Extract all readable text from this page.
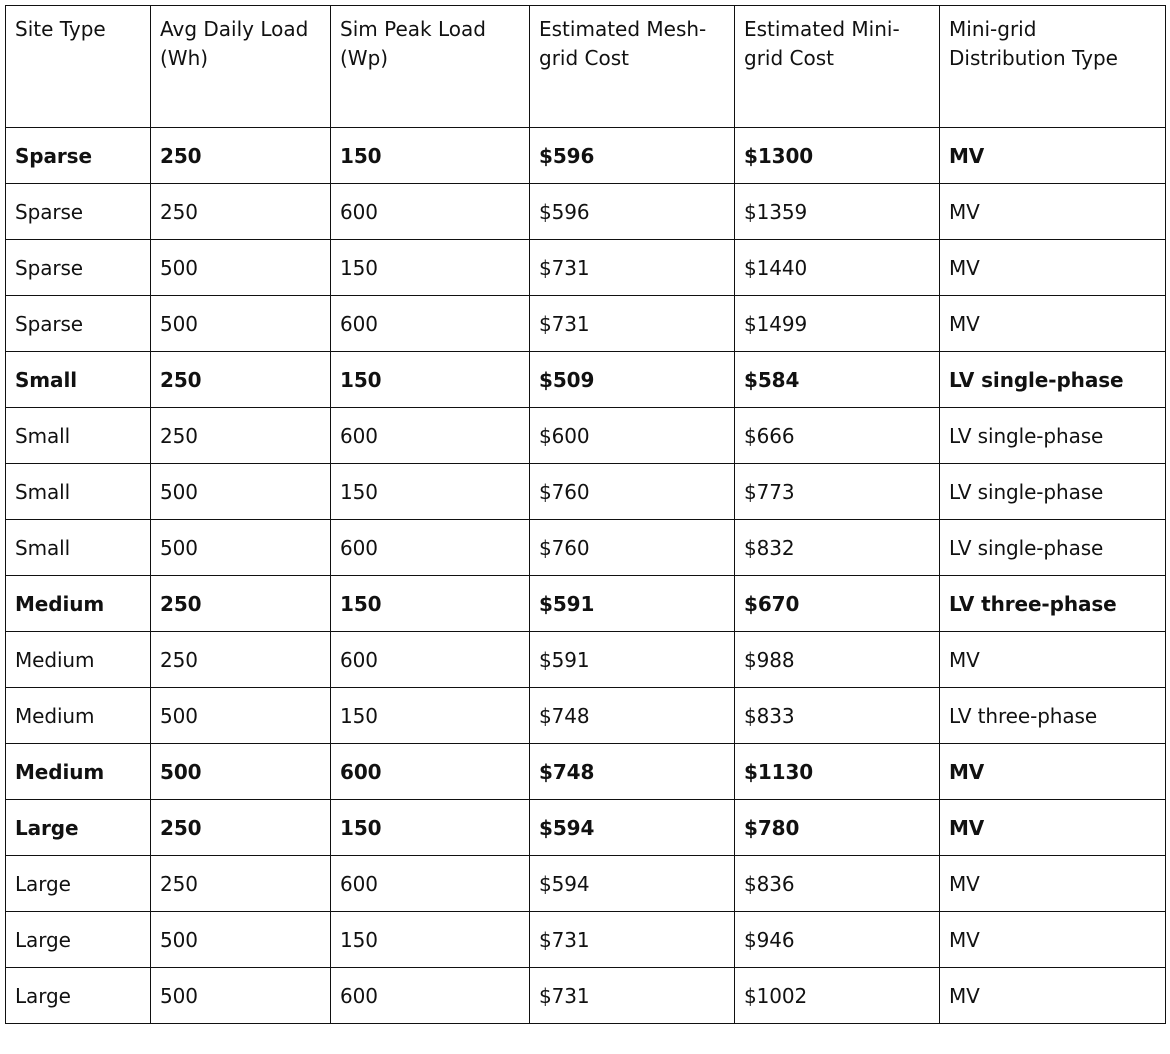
Site Type	Avg Daily Load (Wh)	Sim Peak Load (Wp)	Estimated Mesh-grid Cost	Estimated Mini-grid Cost	Mini-grid Distribution Type
Sparse	250	150	$596	$1300	MV
Sparse	250	600	$596	$1359	MV
Sparse	500	150	$731	$1440	MV
Sparse	500	600	$731	$1499	MV
Small	250	150	$509	$584	LV single-phase
Small	250	600	$600	$666	LV single-phase
Small	500	150	$760	$773	LV single-phase
Small	500	600	$760	$832	LV single-phase
Medium	250	150	$591	$670	LV three-phase
Medium	250	600	$591	$988	MV
Medium	500	150	$748	$833	LV three-phase
Medium	500	600	$748	$1130	MV
Large	250	150	$594	$780	MV
Large	250	600	$594	$836	MV
Large	500	150	$731	$946	MV
Large	500	600	$731	$1002	MV
